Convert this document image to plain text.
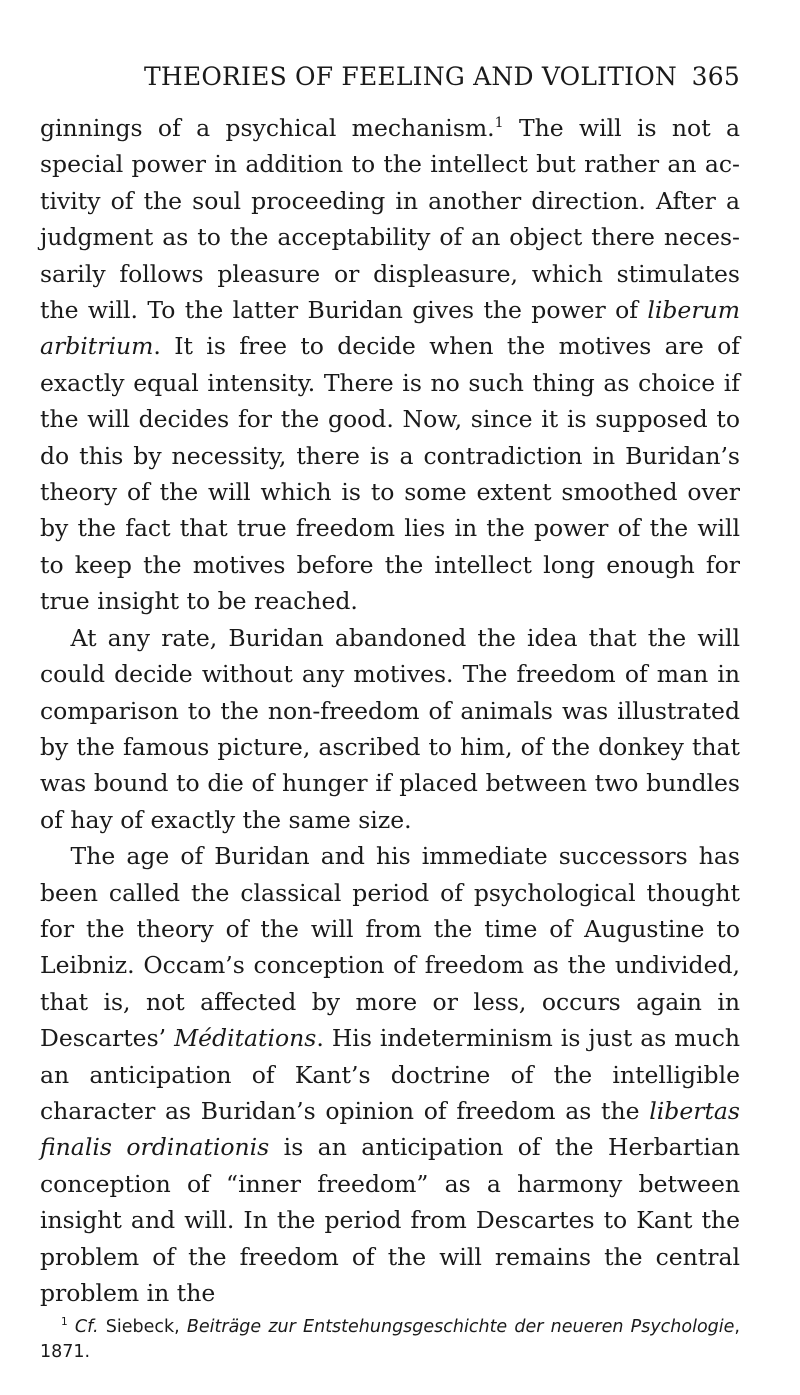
THEORIES OF FEELING AND VOLITION 365

ginnings of a psychical mechanism.$^1$ The will is not a special power in addition to the intellect but rather an activity of the soul proceeding in another direction. After a judgment as to the acceptability of an object there necessarily follows pleasure or displeasure, which stimulates the will. To the latter Buridan gives the power of liberum arbitrium. It is free to decide when the motives are of exactly equal intensity. There is no such thing as choice if the will decides for the good. Now, since it is supposed to do this by necessity, there is a contradiction in Buridan’s theory of the will which is to some extent smoothed over by the fact that true freedom lies in the power of the will to keep the motives before the intellect long enough for true insight to be reached.

At any rate, Buridan abandoned the idea that the will could decide without any motives. The freedom of man in comparison to the non-freedom of animals was illustrated by the famous picture, ascribed to him, of the donkey that was bound to die of hunger if placed between two bundles of hay of exactly the same size.

The age of Buridan and his immediate successors has been called the classical period of psychological thought for the theory of the will from the time of Augustine to Leibniz. Occam’s conception of freedom as the undivided, that is, not affected by more or less, occurs again in Descartes’ Méditations. His indeterminism is just as much an anticipation of Kant’s doctrine of the intelligible character as Buridan’s opinion of freedom as the libertas finalis ordinationis is an anticipation of the Herbartian conception of “inner freedom” as a harmony between insight and will. In the period from Descartes to Kant the problem of the freedom of the will remains the central problem in the

$^1$ Cf. Siebeck, Beiträge zur Entstehungsgeschichte der neueren Psychologie, 1871.
